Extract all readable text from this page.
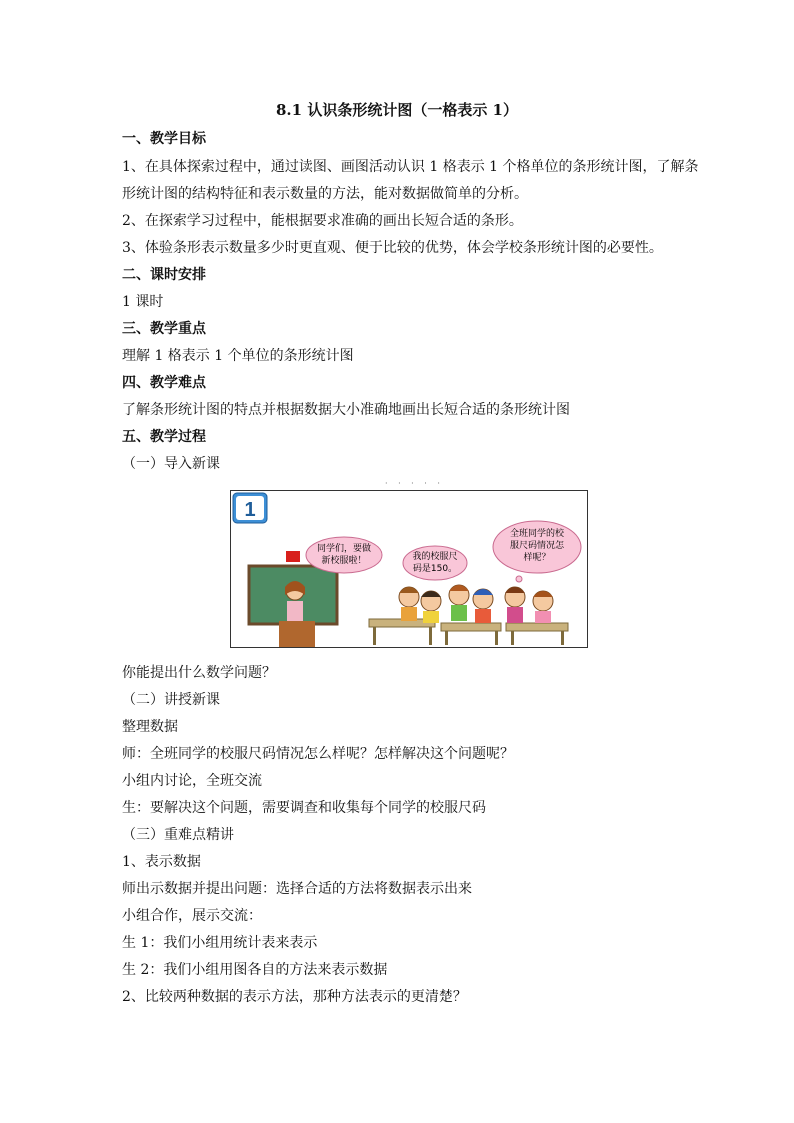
8.1 认识条形统计图（一格表示 1）
一、教学目标
1、在具体探索过程中，通过读图、画图活动认识 1 格表示 1 个格单位的条形统计图，了解条
形统计图的结构特征和表示数量的方法，能对数据做简单的分析。
2、在探索学习过程中，能根据要求准确的画出长短合适的条形。
3、体验条形表示数量多少时更直观、便于比较的优势，体会学校条形统计图的必要性。
二、课时安排
1 课时
三、教学重点
理解 1 格表示 1 个单位的条形统计图
四、教学难点
了解条形统计图的特点并根据数据大小准确地画出长短合适的条形统计图
五、教学过程
（一）导入新课
· · · · ·
1
同学们，要做
新校服啦！	我的校服尺
码是150。
全班同学的校
服尺码情况怎
样呢？
你能提出什么数学问题？
（二）讲授新课
整理数据
师：全班同学的校服尺码情况怎么样呢？怎样解决这个问题呢？
小组内讨论，全班交流
生：要解决这个问题，需要调查和收集每个同学的校服尺码
（三）重难点精讲
1、表示数据
师出示数据并提出问题：选择合适的方法将数据表示出来
小组合作，展示交流：
生 1：我们小组用统计表来表示
生 2：我们小组用图各自的方法来表示数据
2、比较两种数据的表示方法，那种方法表示的更清楚？
